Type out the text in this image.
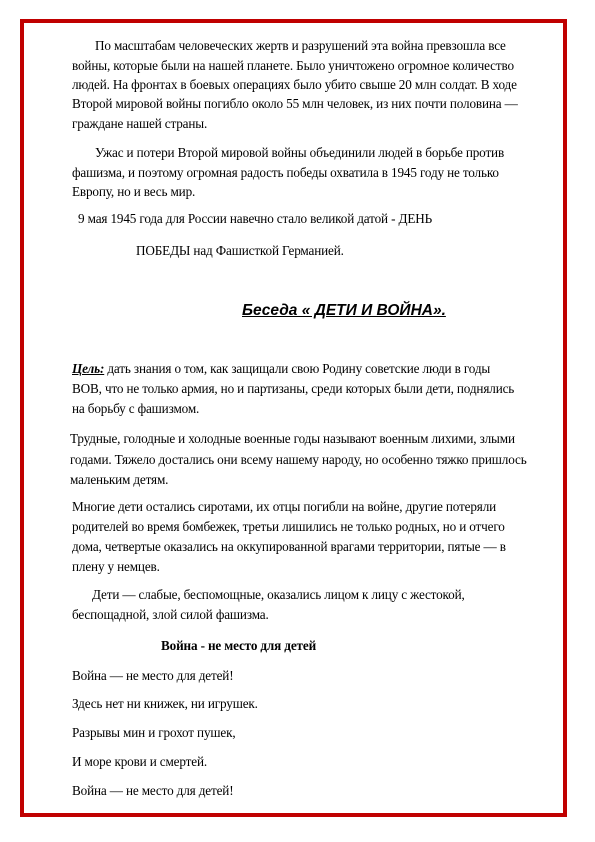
По масштабам человеческих жертв и разрушений эта война превзошла все
войны, которые были на нашей планете. Было уничтожено огромное количество
людей. На фронтах в боевых операциях было убито свыше 20 млн солдат. В ходе
Второй мировой войны погибло около 55 млн человек, из них почти половина —
граждане нашей страны.
Ужас и потери Второй мировой войны объединили людей в борьбе против
фашизма, и поэтому огромная радость победы охватила в 1945 году не только
Европу, но и весь мир.
9 мая 1945 года для России навечно стало великой датой - ДЕНЬ
ПОБЕДЫ над Фашисткой Германией.
Беседа « ДЕТИ И ВОЙНА».
Цель: дать знания о том, как защищали свою Родину советские люди в годы
ВОВ, что не только армия, но и партизаны, среди которых были дети, поднялись
на борьбу с фашизмом.
Трудные, голодные и холодные военные годы называют военным лихими, злыми
годами. Тяжело достались они всему нашему народу, но особенно тяжко пришлось
маленьким детям.
Многие дети остались сиротами, их отцы погибли на войне, другие потеряли
родителей во время бомбежек, третьи лишились не только родных, но и отчего
дома, четвертые оказались на оккупированной врагами территории, пятые — в
плену у немцев.
Дети — слабые, беспомощные, оказались лицом к лицу с жестокой,
беспощадной, злой силой фашизма.
Война - не место для детей
Война — не место для детей!
Здесь нет ни книжек, ни игрушек.
Разрывы мин и грохот пушек,
И море крови и смертей.
Война — не место для детей!
